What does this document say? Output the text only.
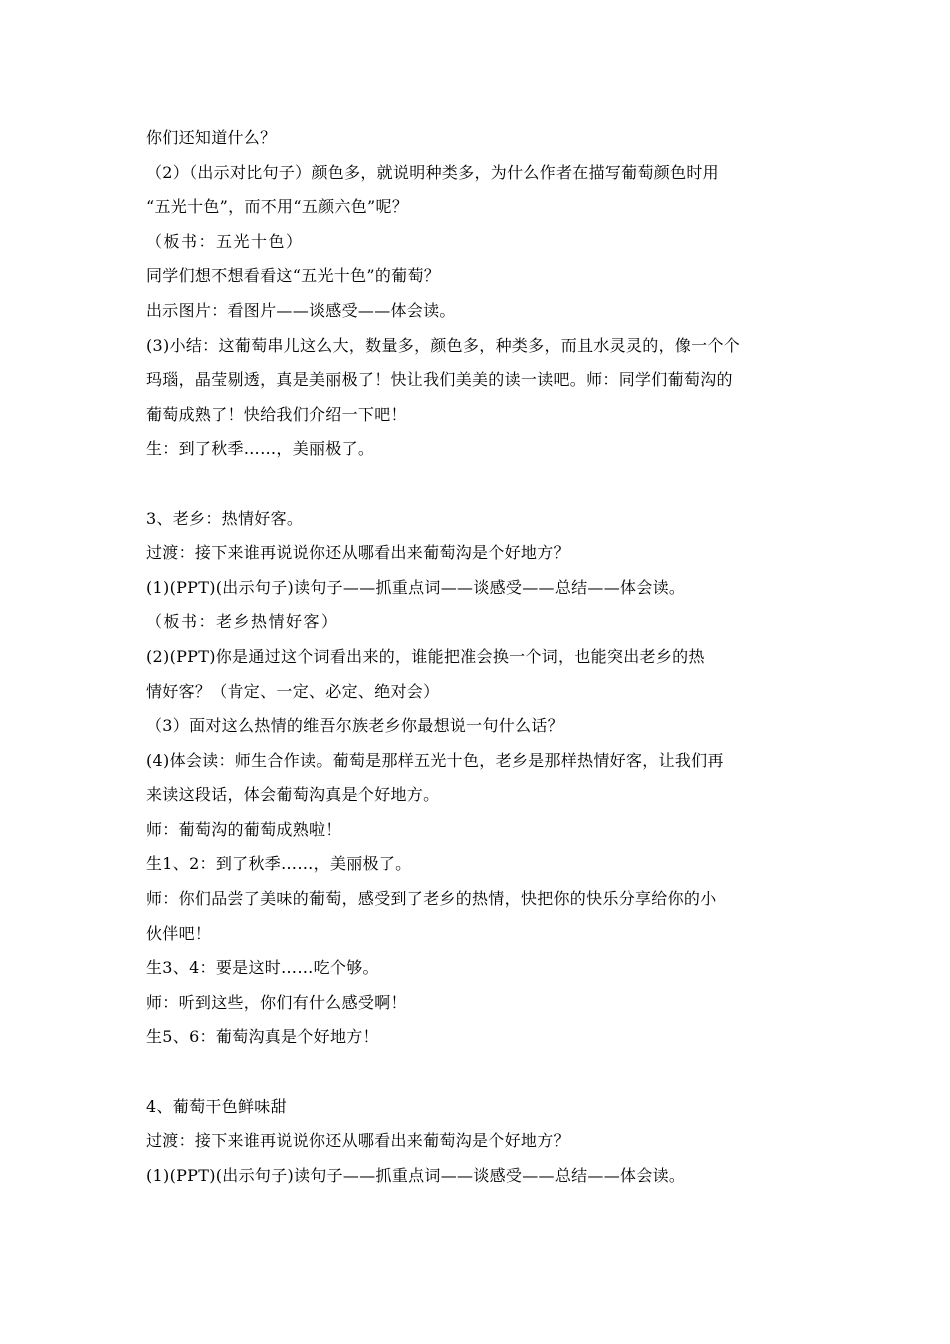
你们还知道什么？
（2）（出示对比句子）颜色多，就说明种类多，为什么作者在描写葡萄颜色时用
“五光十色”，而不用“五颜六色”呢？
（板书：五光十色）
同学们想不想看看这“五光十色”的葡萄？
出示图片：看图片——谈感受——体会读。
(3)小结：这葡萄串儿这么大，数量多，颜色多，种类多，而且水灵灵的，像一个个
玛瑙，晶莹剔透，真是美丽极了！快让我们美美的读一读吧。师：同学们葡萄沟的
葡萄成熟了！快给我们介绍一下吧！
生：到了秋季……，美丽极了。
3、老乡：热情好客。
过渡：接下来谁再说说你还从哪看出来葡萄沟是个好地方？
(1)(PPT)(出示句子)读句子——抓重点词——谈感受——总结——体会读。
（板书：老乡热情好客）
(2)(PPT)你是通过这个词看出来的，谁能把准会换一个词，也能突出老乡的热
情好客？（肯定、一定、必定、绝对会）
（3）面对这么热情的维吾尔族老乡你最想说一句什么话？
(4)体会读：师生合作读。葡萄是那样五光十色，老乡是那样热情好客，让我们再
来读这段话，体会葡萄沟真是个好地方。
师：葡萄沟的葡萄成熟啦！
生1、2：到了秋季……，美丽极了。
师：你们品尝了美味的葡萄，感受到了老乡的热情，快把你的快乐分享给你的小
伙伴吧！
生3、4：要是这时……吃个够。
师：听到这些，你们有什么感受啊！
生5、6：葡萄沟真是个好地方！
4、葡萄干色鲜味甜
过渡：接下来谁再说说你还从哪看出来葡萄沟是个好地方？
(1)(PPT)(出示句子)读句子——抓重点词——谈感受——总结——体会读。
